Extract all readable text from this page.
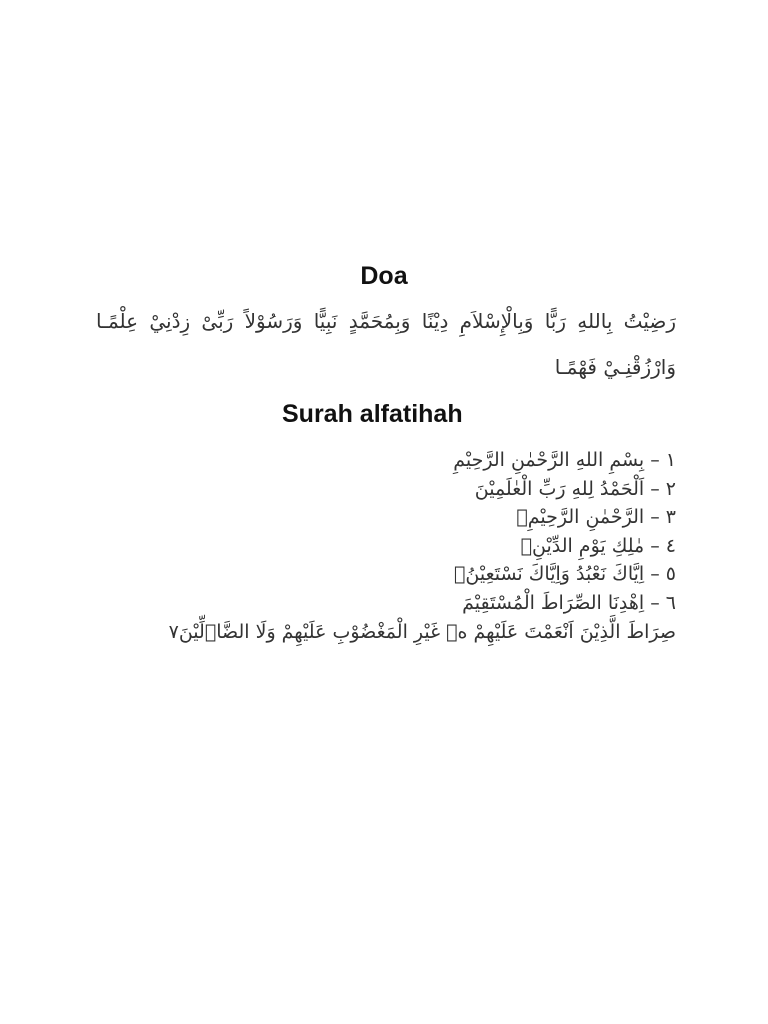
Doa
رَضِيْتُ بِاللهِ رَبًّا وَبِالْإِسْلاَمِ دِيْنًا وَبِمُحَمَّدٍ نَبِيًّا وَرَسُوْلاً رَبِّىْ زِدْنِيْ عِلْمًـا
وَارْزُقْنِـيْ فَهْمًـا
Surah alfatihah
١ – بِسْمِ اللهِ الرَّحْمٰنِ الرَّحِيْمِ
٢ – اَلْحَمْدُ لِلهِ رَبِّ الْعٰلَمِيْنَ
٣ – الرَّحْمٰنِ الرَّحِيْمِۙ
٤ – مٰلِكِ يَوْمِ الدِّيْنِۗ
٥ – اِيَّاكَ نَعْبُدُ وَاِيَّاكَ نَسْتَعِيْنُۗ
٦ – اِهْدِنَا الصِّرَاطَ الْمُسْتَقِيْمَ
صِرَاطَ الَّذِيْنَ اَنْعَمْتَ عَلَيْهِمْ ەۙ غَيْرِ الْمَغْضُوْبِ عَلَيْهِمْ وَلَا الضَّاۤلِّيْنَ٧
